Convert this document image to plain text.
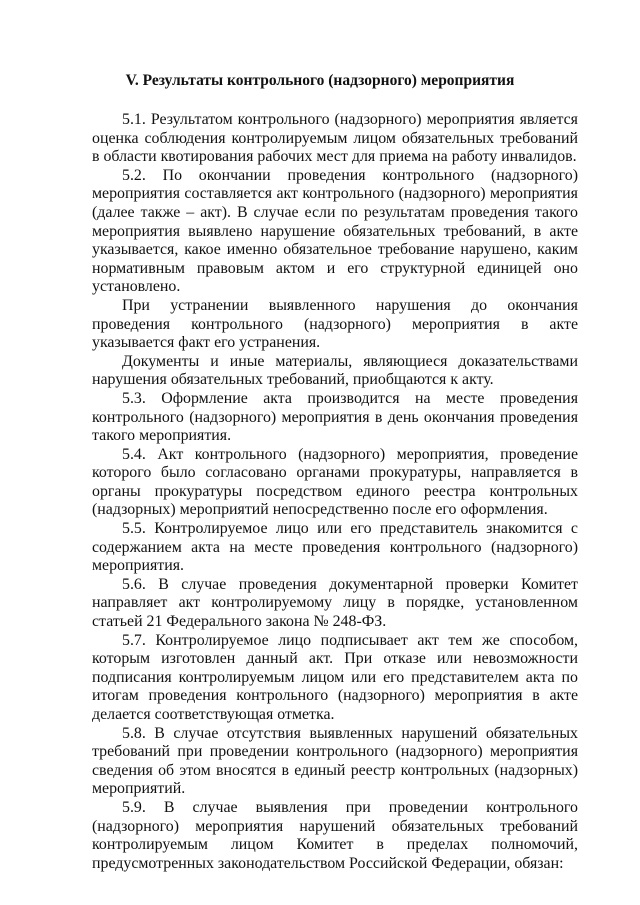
V. Результаты контрольного (надзорного) мероприятия

5.1. Результатом контрольного (надзорного) мероприятия является оценка соблюдения контролируемым лицом обязательных требований в области квотирования рабочих мест для приема на работу инвалидов.

5.2. По окончании проведения контрольного (надзорного) мероприятия составляется акт контрольного (надзорного) мероприятия (далее также – акт). В случае если по результатам проведения такого мероприятия выявлено нарушение обязательных требований, в акте указывается, какое именно обязательное требование нарушено, каким нормативным правовым актом и его структурной единицей оно установлено.

При устранении выявленного нарушения до окончания проведения контрольного (надзорного) мероприятия в акте указывается факт его устранения.

Документы и иные материалы, являющиеся доказательствами нарушения обязательных требований, приобщаются к акту.

5.3. Оформление акта производится на месте проведения контрольного (надзорного) мероприятия в день окончания проведения такого мероприятия.

5.4. Акт контрольного (надзорного) мероприятия, проведение которого было согласовано органами прокуратуры, направляется в органы прокуратуры посредством единого реестра контрольных (надзорных) мероприятий непосредственно после его оформления.

5.5. Контролируемое лицо или его представитель знакомится с содержанием акта на месте проведения контрольного (надзорного) мероприятия.

5.6. В случае проведения документарной проверки Комитет направляет акт контролируемому лицу в порядке, установленном статьей 21 Федерального закона № 248-ФЗ.

5.7. Контролируемое лицо подписывает акт тем же способом, которым изготовлен данный акт. При отказе или невозможности подписания контролируемым лицом или его представителем акта по итогам проведения контрольного (надзорного) мероприятия в акте делается соответствующая отметка.

5.8. В случае отсутствия выявленных нарушений обязательных требований при проведении контрольного (надзорного) мероприятия сведения об этом вносятся в единый реестр контрольных (надзорных) мероприятий.

5.9. В случае выявления при проведении контрольного (надзорного) мероприятия нарушений обязательных требований контролируемым лицом Комитет в пределах полномочий, предусмотренных законодательством Российской Федерации, обязан:
